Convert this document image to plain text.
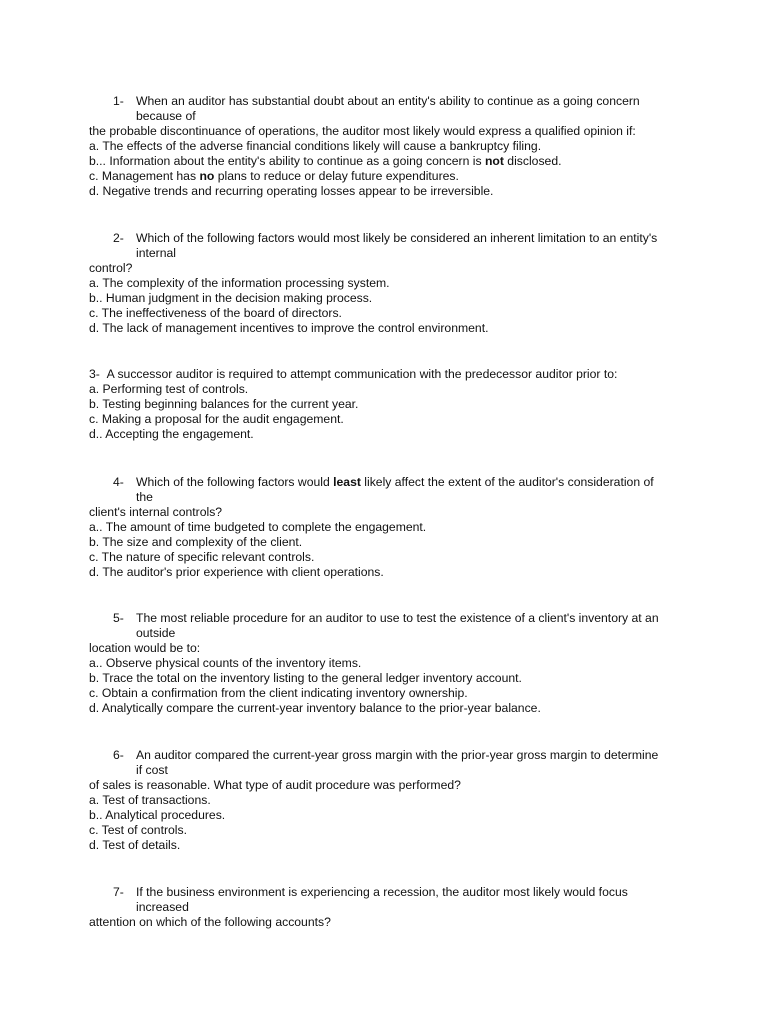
1- When an auditor has substantial doubt about an entity's ability to continue as a going concern
because of
the probable discontinuance of operations, the auditor most likely would express a qualified opinion if:
a. The effects of the adverse financial conditions likely will cause a bankruptcy filing.
b... Information about the entity's ability to continue as a going concern is not disclosed.
c. Management has no plans to reduce or delay future expenditures.
d. Negative trends and recurring operating losses appear to be irreversible.
2- Which of the following factors would most likely be considered an inherent limitation to an entity's
internal
control?
a. The complexity of the information processing system.
b.. Human judgment in the decision making process.
c. The ineffectiveness of the board of directors.
d. The lack of management incentives to improve the control environment.
3- A successor auditor is required to attempt communication with the predecessor auditor prior to:
a. Performing test of controls.
b. Testing beginning balances for the current year.
c. Making a proposal for the audit engagement.
d.. Accepting the engagement.
4- Which of the following factors would least likely affect the extent of the auditor's consideration of
the
client's internal controls?
a.. The amount of time budgeted to complete the engagement.
b. The size and complexity of the client.
c. The nature of specific relevant controls.
d. The auditor's prior experience with client operations.
5- The most reliable procedure for an auditor to use to test the existence of a client's inventory at an
outside
location would be to:
a.. Observe physical counts of the inventory items.
b. Trace the total on the inventory listing to the general ledger inventory account.
c. Obtain a confirmation from the client indicating inventory ownership.
d. Analytically compare the current-year inventory balance to the prior-year balance.
6- An auditor compared the current-year gross margin with the prior-year gross margin to determine
if cost
of sales is reasonable. What type of audit procedure was performed?
a. Test of transactions.
b.. Analytical procedures.
c. Test of controls.
d. Test of details.
7- If the business environment is experiencing a recession, the auditor most likely would focus
increased
attention on which of the following accounts?
